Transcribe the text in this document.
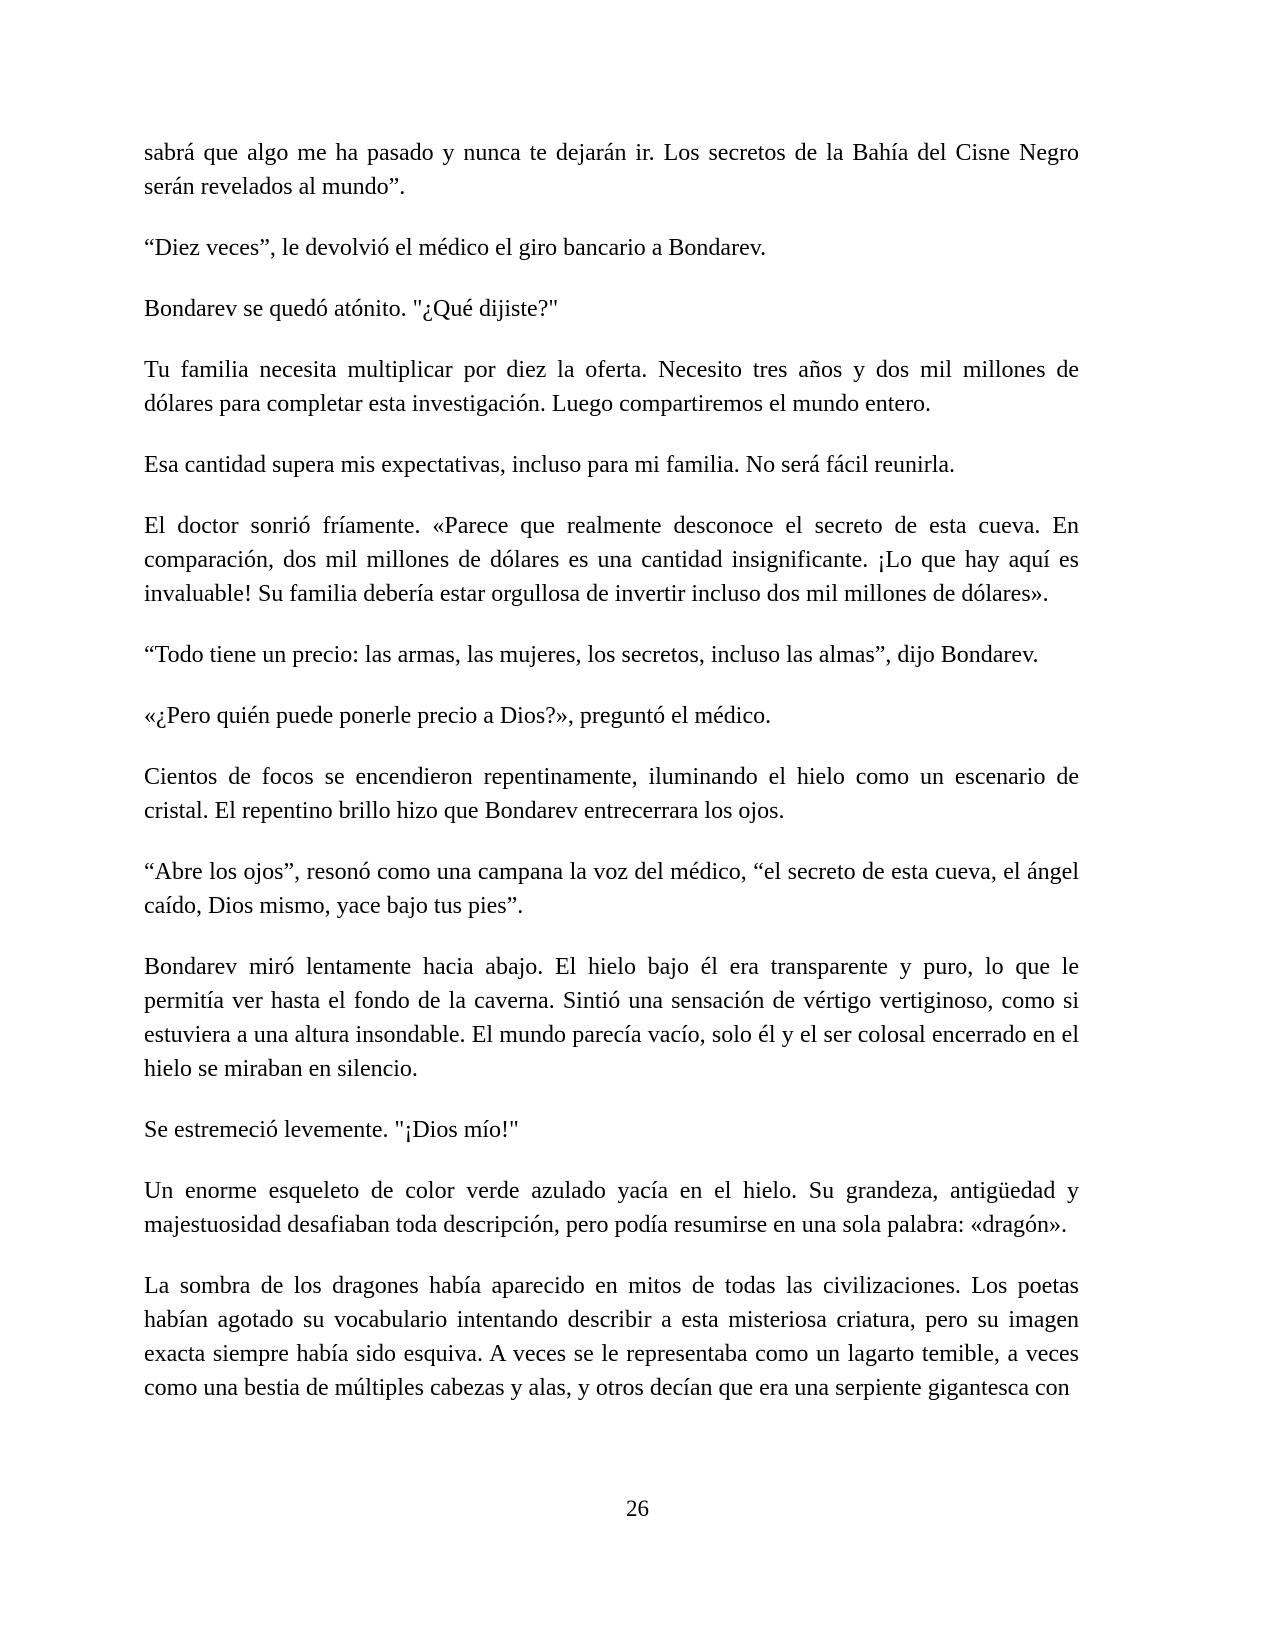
sabrá que algo me ha pasado y nunca te dejarán ir. Los secretos de la Bahía del Cisne Negro serán revelados al mundo”.

“Diez veces”, le devolvió el médico el giro bancario a Bondarev.

Bondarev se quedó atónito. "¿Qué dijiste?"

Tu familia necesita multiplicar por diez la oferta. Necesito tres años y dos mil millones de dólares para completar esta investigación. Luego compartiremos el mundo entero.

Esa cantidad supera mis expectativas, incluso para mi familia. No será fácil reunirla.

El doctor sonrió fríamente. «Parece que realmente desconoce el secreto de esta cueva. En comparación, dos mil millones de dólares es una cantidad insignificante. ¡Lo que hay aquí es invaluable! Su familia debería estar orgullosa de invertir incluso dos mil millones de dólares».

“Todo tiene un precio: las armas, las mujeres, los secretos, incluso las almas”, dijo Bondarev.

«¿Pero quién puede ponerle precio a Dios?», preguntó el médico.

Cientos de focos se encendieron repentinamente, iluminando el hielo como un escenario de cristal. El repentino brillo hizo que Bondarev entrecerrara los ojos.

“Abre los ojos”, resonó como una campana la voz del médico, “el secreto de esta cueva, el ángel caído, Dios mismo, yace bajo tus pies”.

Bondarev miró lentamente hacia abajo. El hielo bajo él era transparente y puro, lo que le permitía ver hasta el fondo de la caverna. Sintió una sensación de vértigo vertiginoso, como si estuviera a una altura insondable. El mundo parecía vacío, solo él y el ser colosal encerrado en el hielo se miraban en silencio.

Se estremeció levemente. "¡Dios mío!"

Un enorme esqueleto de color verde azulado yacía en el hielo. Su grandeza, antigüedad y majestuosidad desafiaban toda descripción, pero podía resumirse en una sola palabra: «dragón».

La sombra de los dragones había aparecido en mitos de todas las civilizaciones. Los poetas habían agotado su vocabulario intentando describir a esta misteriosa criatura, pero su imagen exacta siempre había sido esquiva. A veces se le representaba como un lagarto temible, a veces como una bestia de múltiples cabezas y alas, y otros decían que era una serpiente gigantesca con

26
